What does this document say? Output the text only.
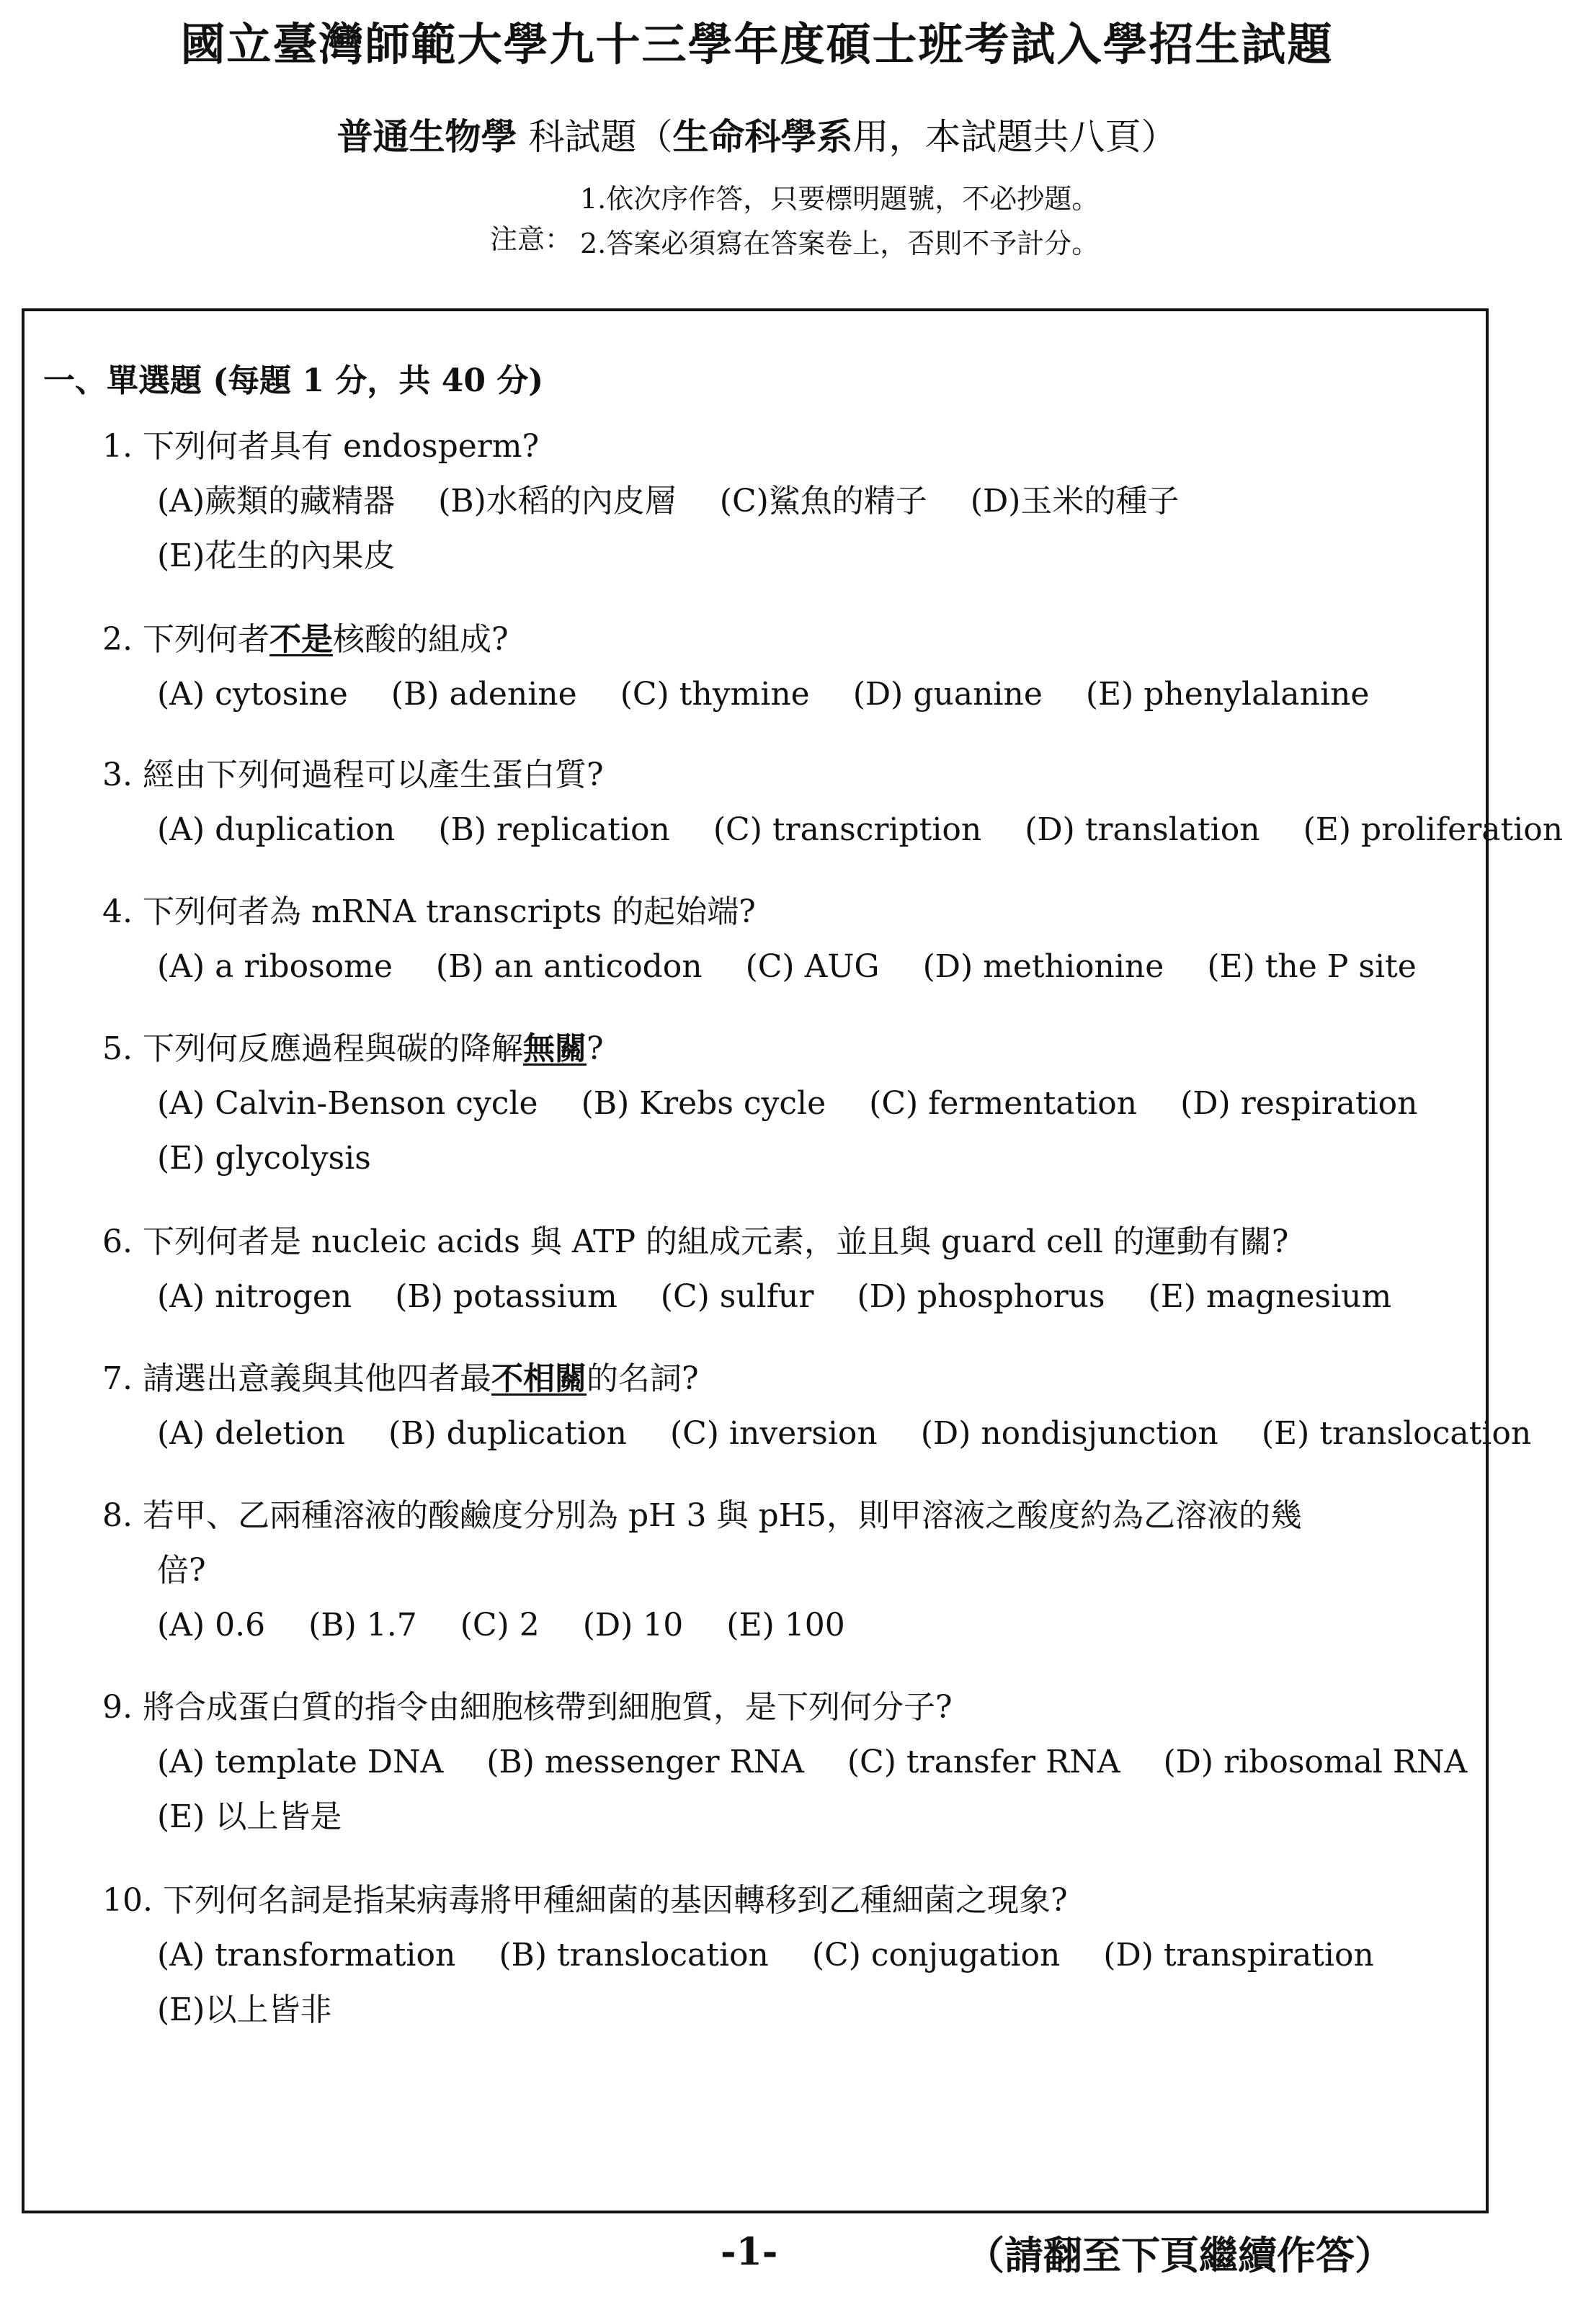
國立臺灣師範大學九十三學年度碩士班考試入學招生試題
普通生物學 科試題（生命科學系用，本試題共八頁）
注意：
1.依次序作答，只要標明題號，不必抄題。
2.答案必須寫在答案卷上，否則不予計分。
一、單選題 (每題 1 分，共 40 分)
1. 下列何者具有 endosperm?
(A)蕨類的藏精器 (B)水稻的內皮層 (C)鯊魚的精子 (D)玉米的種子
(E)花生的內果皮
2. 下列何者不是核酸的組成?
(A) cytosine (B) adenine (C) thymine (D) guanine (E) phenylalanine
3. 經由下列何過程可以產生蛋白質?
(A) duplication (B) replication (C) transcription (D) translation (E) proliferation
4. 下列何者為 mRNA transcripts 的起始端?
(A) a ribosome (B) an anticodon (C) AUG (D) methionine (E) the P site
5. 下列何反應過程與碳的降解無關?
(A) Calvin-Benson cycle (B) Krebs cycle (C) fermentation (D) respiration
(E) glycolysis
6. 下列何者是 nucleic acids 與 ATP 的組成元素，並且與 guard cell 的運動有關?
(A) nitrogen (B) potassium (C) sulfur (D) phosphorus (E) magnesium
7. 請選出意義與其他四者最不相關的名詞?
(A) deletion (B) duplication (C) inversion (D) nondisjunction (E) translocation
8. 若甲、乙兩種溶液的酸鹼度分別為 pH 3 與 pH5，則甲溶液之酸度約為乙溶液的幾
倍?
(A) 0.6 (B) 1.7 (C) 2 (D) 10 (E) 100
9. 將合成蛋白質的指令由細胞核帶到細胞質，是下列何分子?
(A) template DNA (B) messenger RNA (C) transfer RNA (D) ribosomal RNA
(E) 以上皆是
10. 下列何名詞是指某病毒將甲種細菌的基因轉移到乙種細菌之現象?
(A) transformation (B) translocation (C) conjugation (D) transpiration
(E)以上皆非
-1-	（請翻至下頁繼續作答）
